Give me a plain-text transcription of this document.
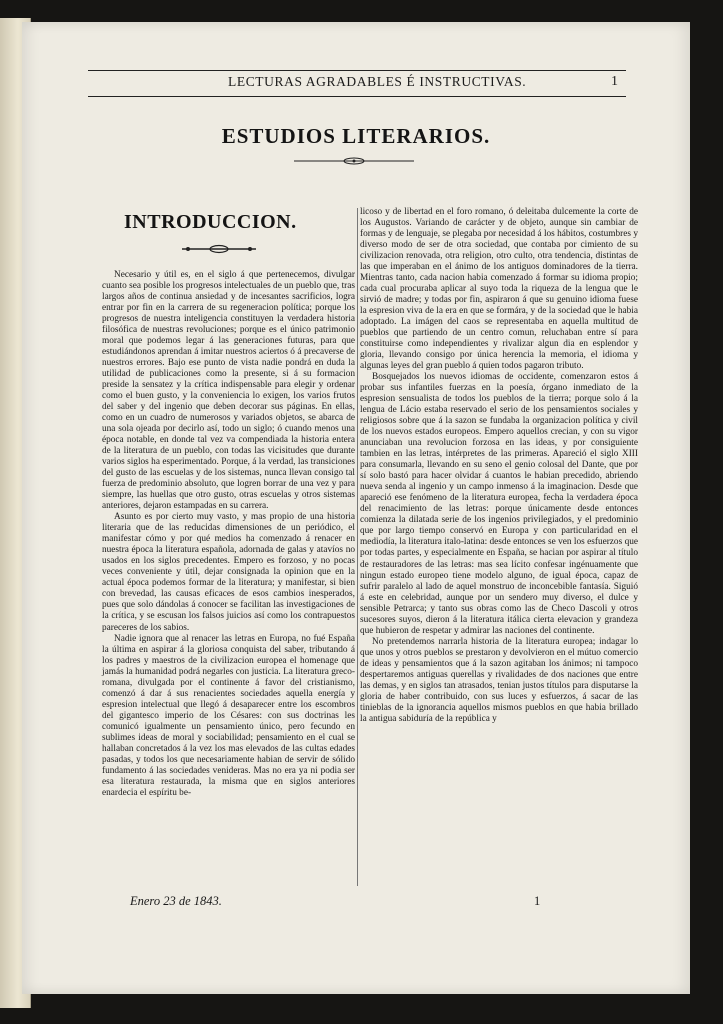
LECTURAS AGRADABLES É INSTRUCTIVAS.	1
ESTUDIOS LITERARIOS.
INTRODUCCION.

Necesario y útil es, en el siglo á que pertenecemos, divulgar cuanto sea posible los progresos intelectuales de un pueblo que, tras largos años de continua ansiedad y de incesantes sacrificios, logra entrar por fin en la carrera de su regeneracion política; porque los progresos de nuestra inteligencia constituyen la verdadera historia filosófica de nuestras revoluciones; porque es el único patrimonio moral que podemos legar á las generaciones futuras, para que estudiándonos aprendan á imitar nuestros aciertos ó á precaverse de nuestros errores. Bajo ese punto de vista nadie pondrá en duda la utilidad de publicaciones como la presente, si á su formacion preside la sensatez y la crítica indispensable para elegir y ordenar como el buen gusto, y la conveniencia lo exigen, los varios frutos del saber y del ingenio que deben decorar sus páginas. En ellas, como en un cuadro de numerosos y variados objetos, se abarca de una sola ojeada por decirlo así, todo un siglo; ó cuando menos una época notable, en donde tal vez va compendiada la historia entera de la literatura de un pueblo, con todas las vicisitudes que durante varios siglos ha esperimentado. Porque, á la verdad, las transiciones del gusto de las escuelas y de los sistemas, nunca llevan consigo tal fuerza de predominio absoluto, que logren borrar de una vez y para siempre, las huellas que otro gusto, otras escuelas y otros sistemas anteriores, dejaron estampadas en su carrera.

Asunto es por cierto muy vasto, y mas propio de una historia literaria que de las reducidas dimensiones de un periódico, el manifestar cómo y por qué medios ha comenzado á renacer en nuestra época la literatura española, adornada de galas y atavíos no usados en los siglos precedentes. Empero es forzoso, y no pocas veces conveniente y útil, dejar consignada la opinion que en la actual época podemos formar de la literatura; y manifestar, si bien con brevedad, las causas eficaces de esos cambios inesperados, pues que solo dándolas á conocer se facilitan las investigaciones de la crítica, y se escusan los falsos juicios así como los contrapuestos pareceres de los sabios.

Nadie ignora que al renacer las letras en Europa, no fué España la última en aspirar á la gloriosa conquista del saber, tributando á los padres y maestros de la civilizacion europea el homenage que jamás la humanidad podrá negarles con justicia. La literatura greco-romana, divulgada por el continente á favor del cristianismo, comenzó á dar á sus renacientes sociedades aquella energía y espresion intelectual que llegó á desaparecer entre los escombros del gigantesco imperio de los Césares: con sus doctrinas les comunicó igualmente un pensamiento único, pero fecundo en sublimes ideas de moral y sociabilidad; pensamiento en el cual se hallaban concretados á la vez los mas elevados de las cultas edades pasadas, y todos los que necesariamente habian de servir de sólido fundamento á las sociedades venideras. Mas no era ya ni podia ser esa literatura restaurada, la misma que en siglos anteriores enardecia el espíritu be-

licoso y de libertad en el foro romano, ó deleitaba dulcemente la corte de los Augustos. Variando de carácter y de objeto, aunque sin cambiar de formas y de lenguaje, se plegaba por necesidad á los hábitos, costumbres y diverso modo de ser de otra sociedad, que contaba por cimiento de su civilizacion renovada, otra religion, otro culto, otra tendencia, distintas de las que imperaban en el ánimo de los antiguos dominadores de la tierra. Mientras tanto, cada nacion habia comenzado á formar su idioma propio; cada cual procuraba aplicar al suyo toda la riqueza de la lengua que le sirvió de madre; y todas por fin, aspiraron á que su genuino idioma fuese la espresion viva de la era en que se formára, y de la sociedad que le habia adoptado. La imágen del caos se representaba en aquella multitud de pueblos que partiendo de un centro comun, reluchaban entre sí para constituirse como independientes y rivalizar algun dia en esplendor y gloria, llevando consigo por única herencia la memoria, el idioma y algunas leyes del gran pueblo á quien todos pagaron tributo.

Bosquejados los nuevos idiomas de occidente, comenzaron estos á probar sus infantiles fuerzas en la poesía, órgano inmediato de la espresion sensualista de todos los pueblos de la tierra; porque solo á la lengua de Lácio estaba reservado el serio de los pensamientos sociales y religiosos sobre que á la sazon se fundaba la organizacion política y civil de los nuevos estados europeos. Empero aquellos crecian, y con su vigor anunciaban una revolucion forzosa en las ideas, y por consiguiente tambien en las letras, intérpretes de las primeras. Apareció el siglo XIII para consumarla, llevando en su seno el genio colosal del Dante, que por sí solo bastó para hacer olvidar á cuantos le habian precedido, abriendo nueva senda al ingenio y un campo inmenso á la imaginacion. Desde que apareció ese fenómeno de la literatura europea, fecha la verdadera época del renacimiento de las letras: porque únicamente desde entonces comienza la dilatada serie de los ingenios privilegiados, y el predominio que por largo tiempo conservó en Europa y con particularidad en el mediodía, la literatura italo-latina: desde entonces se ven los esfuerzos que por todas partes, y especialmente en España, se hacian por aspirar al título de restauradores de las letras: mas sea lícito confesar ingénuamente que ningun estado europeo tiene modelo alguno, de igual época, capaz de sufrir paralelo al lado de aquel monstruo de inconcebible fantasía. Siguió á este en celebridad, aunque por un sendero muy diverso, el dulce y sensible Petrarca; y tanto sus obras como las de Checo Dascoli y otros sucesores suyos, dieron á la literatura itálica cierta elevacion y grandeza que hubieron de respetar y admirar las naciones del continente.

No pretendemos narrarla historia de la literatura europea; indagar lo que unos y otros pueblos se prestaron y devolvieron en el mútuo comercio de ideas y pensamientos que á la sazon agitaban los ánimos; ni tampoco despertaremos antiguas querellas y rivalidades de dos naciones que entre las demas, y en siglos tan atrasados, tenian justos títulos para disputarse la gloria de haber contribuido, con sus luces y esfuerzos, á sacar de las tinieblas de la ignorancia aquellos mismos pueblos en que habia brillado la antigua sabiduría de la república y

Enero 23 de 1843.	1
